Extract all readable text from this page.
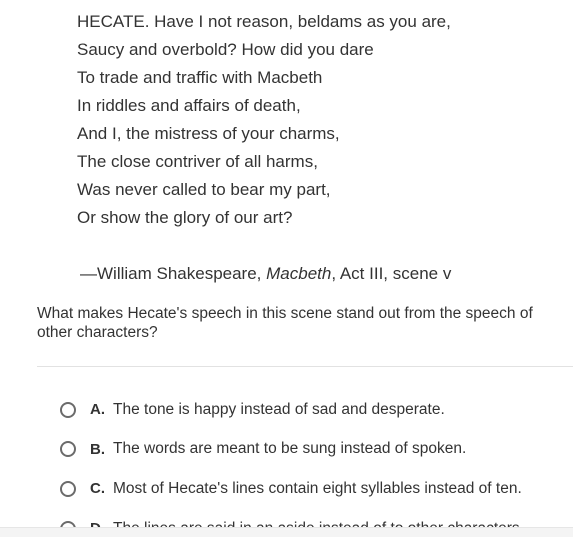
HECATE. Have I not reason, beldams as you are,
Saucy and overbold? How did you dare
To trade and traffic with Macbeth
In riddles and affairs of death,
And I, the mistress of your charms,
The close contriver of all harms,
Was never called to bear my part,
Or show the glory of our art?
—William Shakespeare, Macbeth, Act III, scene v
What makes Hecate's speech in this scene stand out from the speech of other characters?
A. The tone is happy instead of sad and desperate.
B. The words are meant to be sung instead of spoken.
C. Most of Hecate's lines contain eight syllables instead of ten.
